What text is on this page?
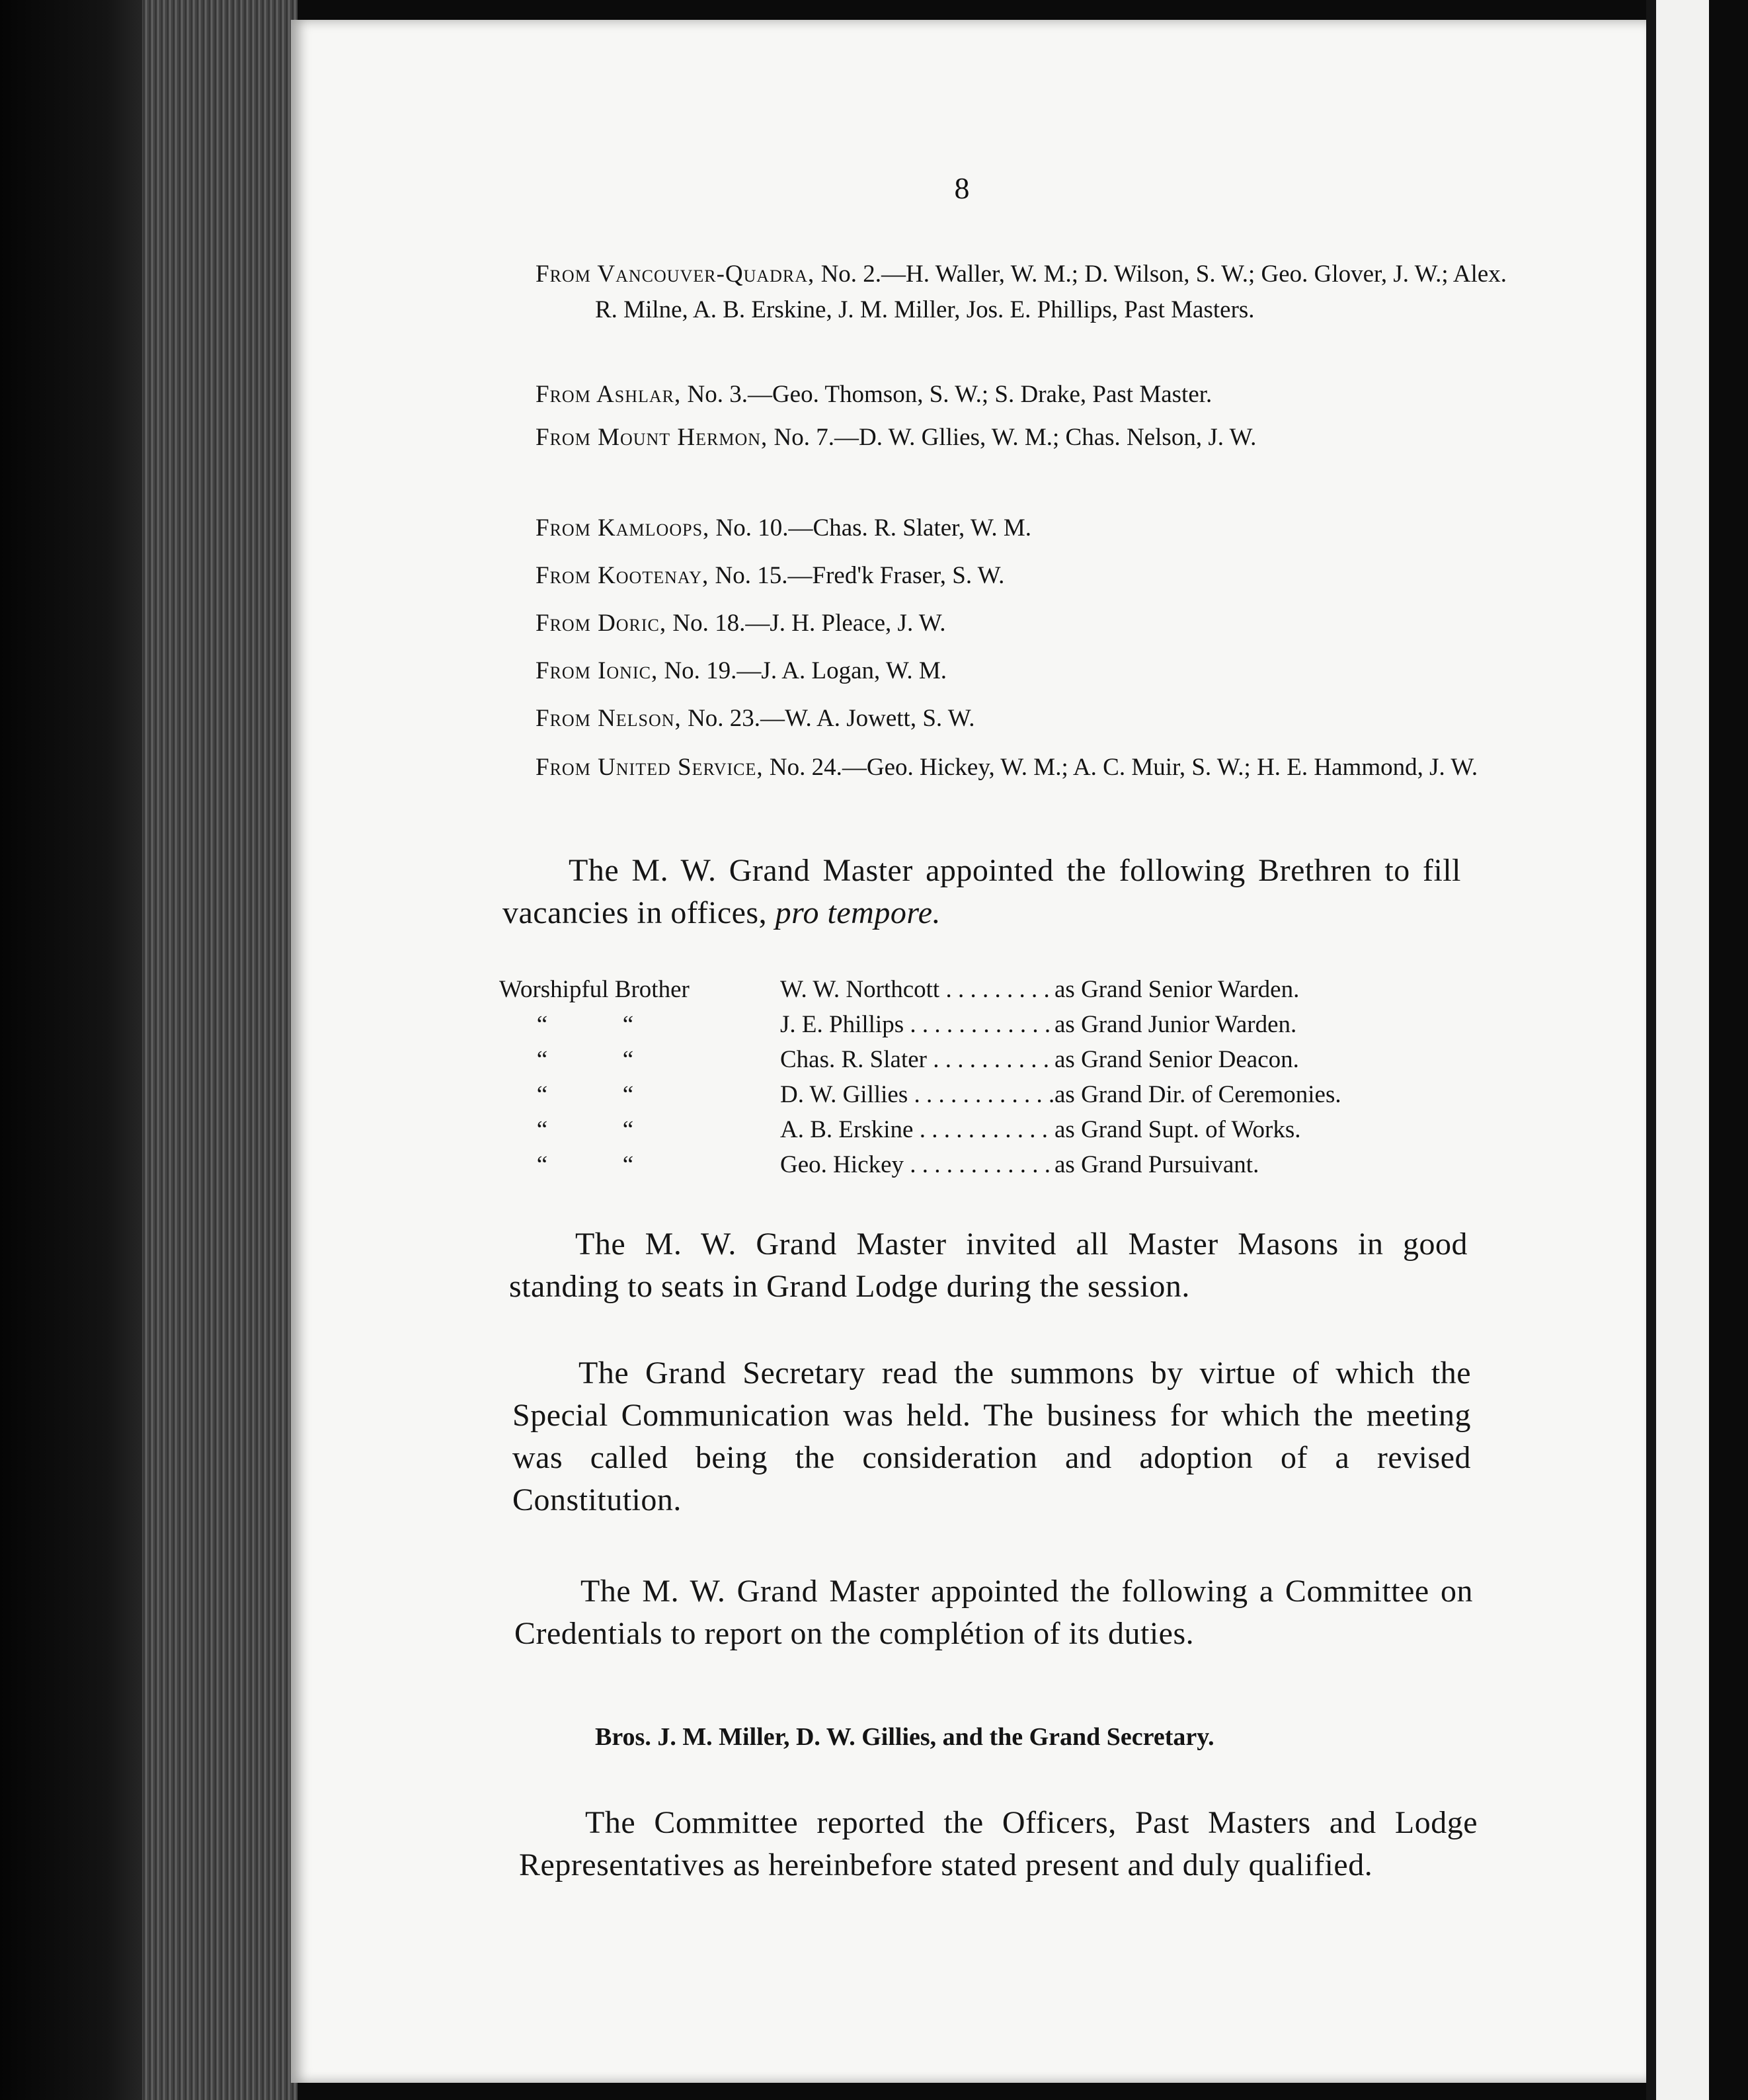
8
From Vancouver-Quadra, No. 2.—H. Waller, W. M.; D. Wilson, S. W.; Geo. Glover, J. W.; Alex. R. Milne, A. B. Erskine, J. M. Miller, Jos. E. Phillips, Past Masters.
From Ashlar, No. 3.—Geo. Thomson, S. W.; S. Drake, Past Master.
From Mount Hermon, No. 7.—D. W. Gllies, W. M.; Chas. Nelson, J. W.
From Kamloops, No. 10.—Chas. R. Slater, W. M.
From Kootenay, No. 15.—Fred'k Fraser, S. W.
From Doric, No. 18.—J. H. Pleace, J. W.
From Ionic, No. 19.—J. A. Logan, W. M.
From Nelson, No. 23.—W. A. Jowett, S. W.
From United Service, No. 24.—Geo. Hickey, W. M.; A. C. Muir, S. W.; H. E. Hammond, J. W.
The M. W. Grand Master appointed the following Brethren to fill vacancies in offices, pro tempore.
Worshipful Brother	W. W. Northcott . . .	as Grand Senior Warden.
“	“	J. E. Phillips . . .	as Grand Junior Warden.
“	“	Chas. R. Slater . . .	as Grand Senior Deacon.
“	“	D. W. Gillies . . .	as Grand Dir. of Ceremonies.
“	“	A. B. Erskine . . .	as Grand Supt. of Works.
“	“	Geo. Hickey . . .	as Grand Pursuivant.
The M. W. Grand Master invited all Master Masons in good standing to seats in Grand Lodge during the session.
The Grand Secretary read the summons by virtue of which the Special Communication was held. The business for which the meeting was called being the consideration and adoption of a revised Constitution.
The M. W. Grand Master appointed the following a Committee on Credentials to report on the complétion of its duties.
Bros. J. M. Miller, D. W. Gillies, and the Grand Secretary.
The Committee reported the Officers, Past Masters and Lodge Representatives as hereinbefore stated present and duly qualified.
